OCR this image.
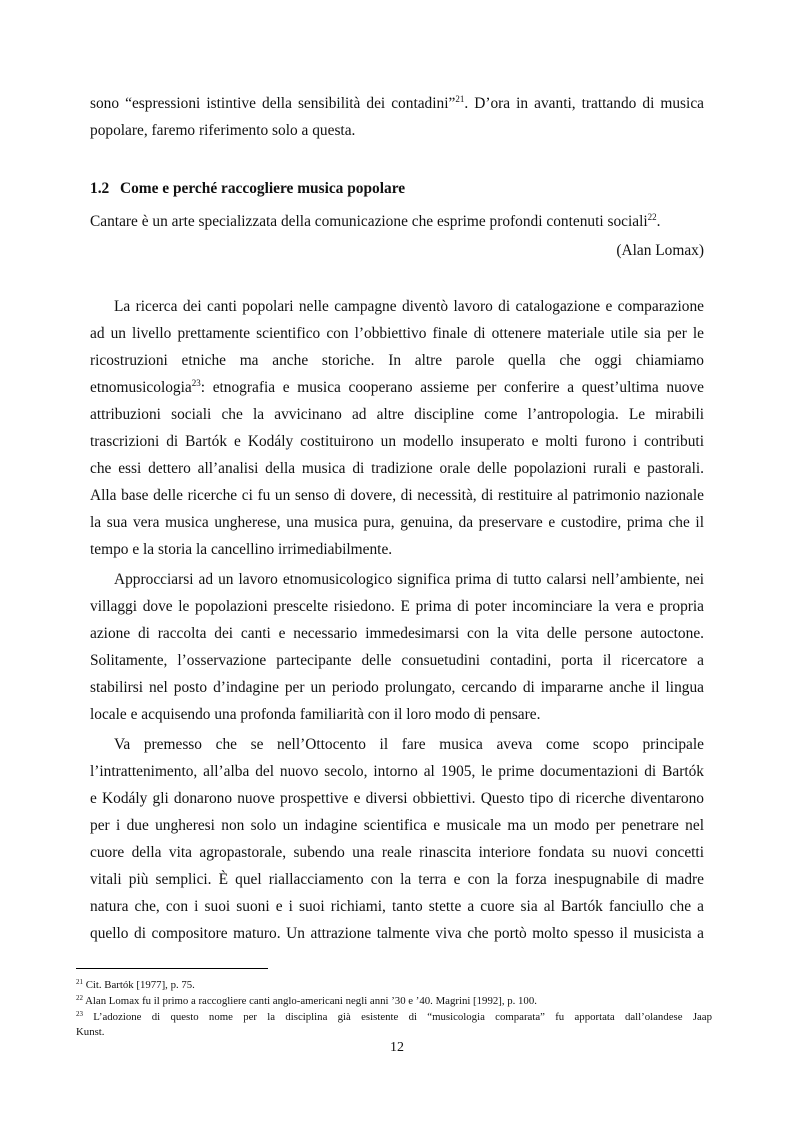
sono “espressioni istintive della sensibilità dei contadini”$^{21}$. D’ora in avanti, trattando di musica
popolare, faremo riferimento solo a questa.
1.2 Come e perché raccogliere musica popolare
Cantare è un arte specializzata della comunicazione che esprime profondi contenuti sociali$^{22}$.
(Alan Lomax)
La ricerca dei canti popolari nelle campagne diventò lavoro di catalogazione e comparazione
ad un livello prettamente scientifico con l’obbiettivo finale di ottenere materiale utile sia per le
ricostruzioni etniche ma anche storiche. In altre parole quella che oggi chiamiamo
etnomusicologia$^{23}$: etnografia e musica cooperano assieme per conferire a quest’ultima nuove
attribuzioni sociali che la avvicinano ad altre discipline come l’antropologia. Le mirabili
trascrizioni di Bartók e Kodály costituirono un modello insuperato e molti furono i contributi
che essi dettero all’analisi della musica di tradizione orale delle popolazioni rurali e pastorali.
Alla base delle ricerche ci fu un senso di dovere, di necessità, di restituire al patrimonio nazionale
la sua vera musica ungherese, una musica pura, genuina, da preservare e custodire, prima che il
tempo e la storia la cancellino irrimediabilmente.
Approcciarsi ad un lavoro etnomusicologico significa prima di tutto calarsi nell’ambiente, nei
villaggi dove le popolazioni prescelte risiedono. E prima di poter incominciare la vera e propria
azione di raccolta dei canti e necessario immedesimarsi con la vita delle persone autoctone.
Solitamente, l’osservazione partecipante delle consuetudini contadini, porta il ricercatore a
stabilirsi nel posto d’indagine per un periodo prolungato, cercando di impararne anche il lingua
locale e acquisendo una profonda familiarità con il loro modo di pensare.
Va premesso che se nell’Ottocento il fare musica aveva come scopo principale
l’intrattenimento, all’alba del nuovo secolo, intorno al 1905, le prime documentazioni di Bartók
e Kodály gli donarono nuove prospettive e diversi obbiettivi. Questo tipo di ricerche diventarono
per i due ungheresi non solo un indagine scientifica e musicale ma un modo per penetrare nel
cuore della vita agropastorale, subendo una reale rinascita interiore fondata su nuovi concetti
vitali più semplici. È quel riallacciamento con la terra e con la forza inespugnabile di madre
natura che, con i suoi suoni e i suoi richiami, tanto stette a cuore sia al Bartók fanciullo che a
quello di compositore maturo. Un attrazione talmente viva che portò molto spesso il musicista a
$^{21}$ Cit. Bartók [1977], p. 75.
$^{22}$ Alan Lomax fu il primo a raccogliere canti anglo-americani negli anni ’30 e ’40. Magrini [1992], p. 100.
$^{23}$ L’adozione di questo nome per la disciplina già esistente di “musicologia comparata” fu apportata dall’olandese Jaap
Kunst.
12
